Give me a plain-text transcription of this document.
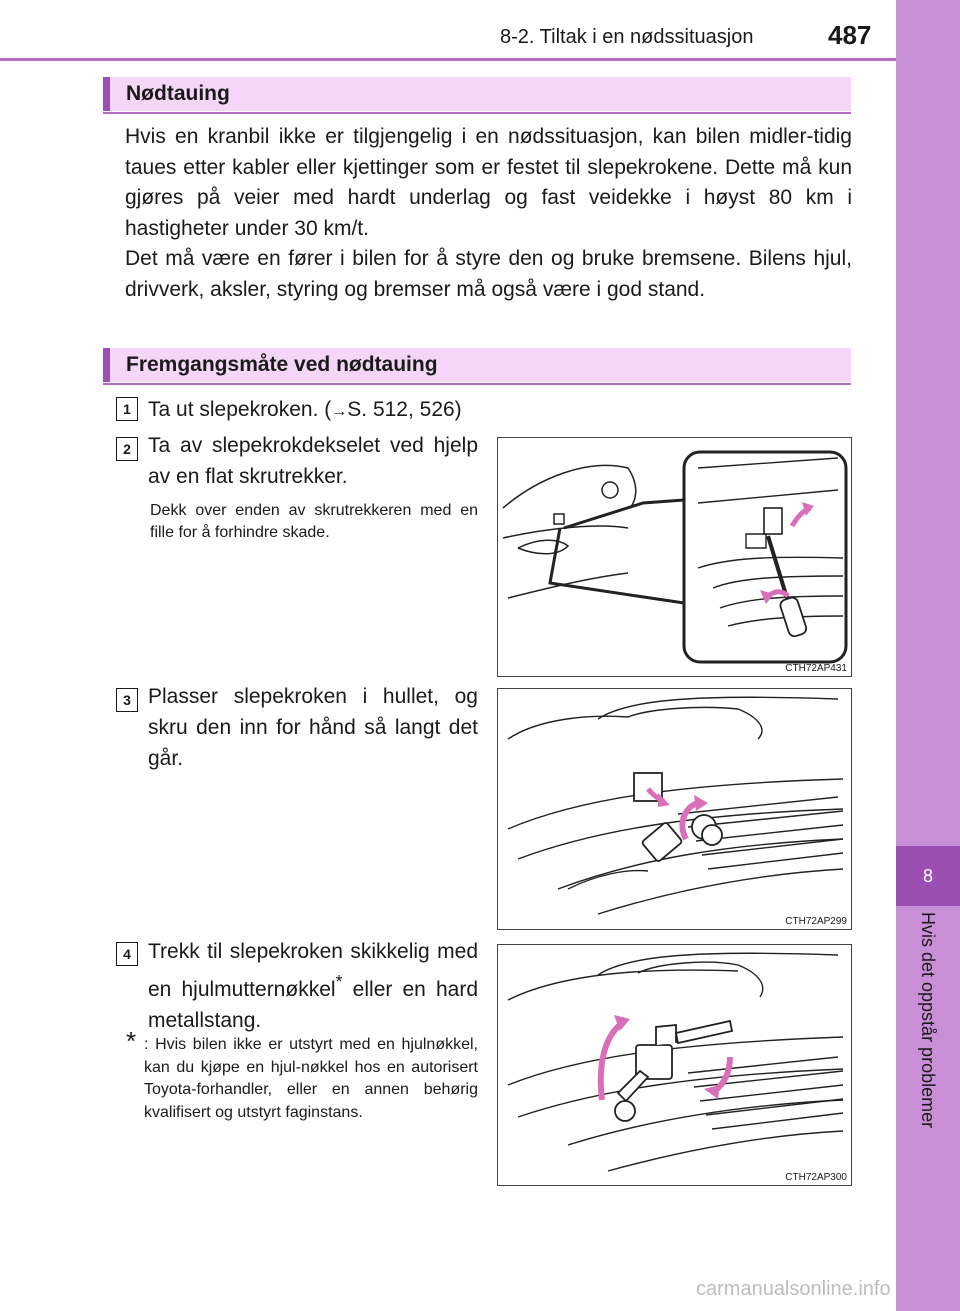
8-2. Tiltak i en nødssituasjon	487
8
Hvis det oppstår problemer
Nødtauing

Hvis en kranbil ikke er tilgjengelig i en nødssituasjon, kan bilen midler-tidig taues etter kabler eller kjettinger som er festet til slepekrokene. Dette må kun gjøres på veier med hardt underlag og fast veidekke i høyst 80 km i hastigheter under 30 km/t.

Det må være en fører i bilen for å styre den og bruke bremsene. Bilens hjul, drivverk, aksler, styring og bremser må også være i god stand.

Fremgangsmåte ved nødtauing
1 Ta ut slepekroken. (→S. 512, 526)
2 Ta av slepekrokdekselet ved hjelp av en flat skrutrekker.
Dekk over enden av skrutrekkeren med en fille for å forhindre skade.
CTH72AP431
3 Plasser slepekroken i hullet, og skru den inn for hånd så langt det går.
CTH72AP299
4 Trekk til slepekroken skikkelig med en hjulmutternøkkel* eller en hard metallstang.
* : Hvis bilen ikke er utstyrt med en hjulnøkkel, kan du kjøpe en hjul-nøkkel hos en autorisert Toyota-forhandler, eller en annen behørig kvalifisert og utstyrt faginstans.
CTH72AP300
carmanualsonline.info
